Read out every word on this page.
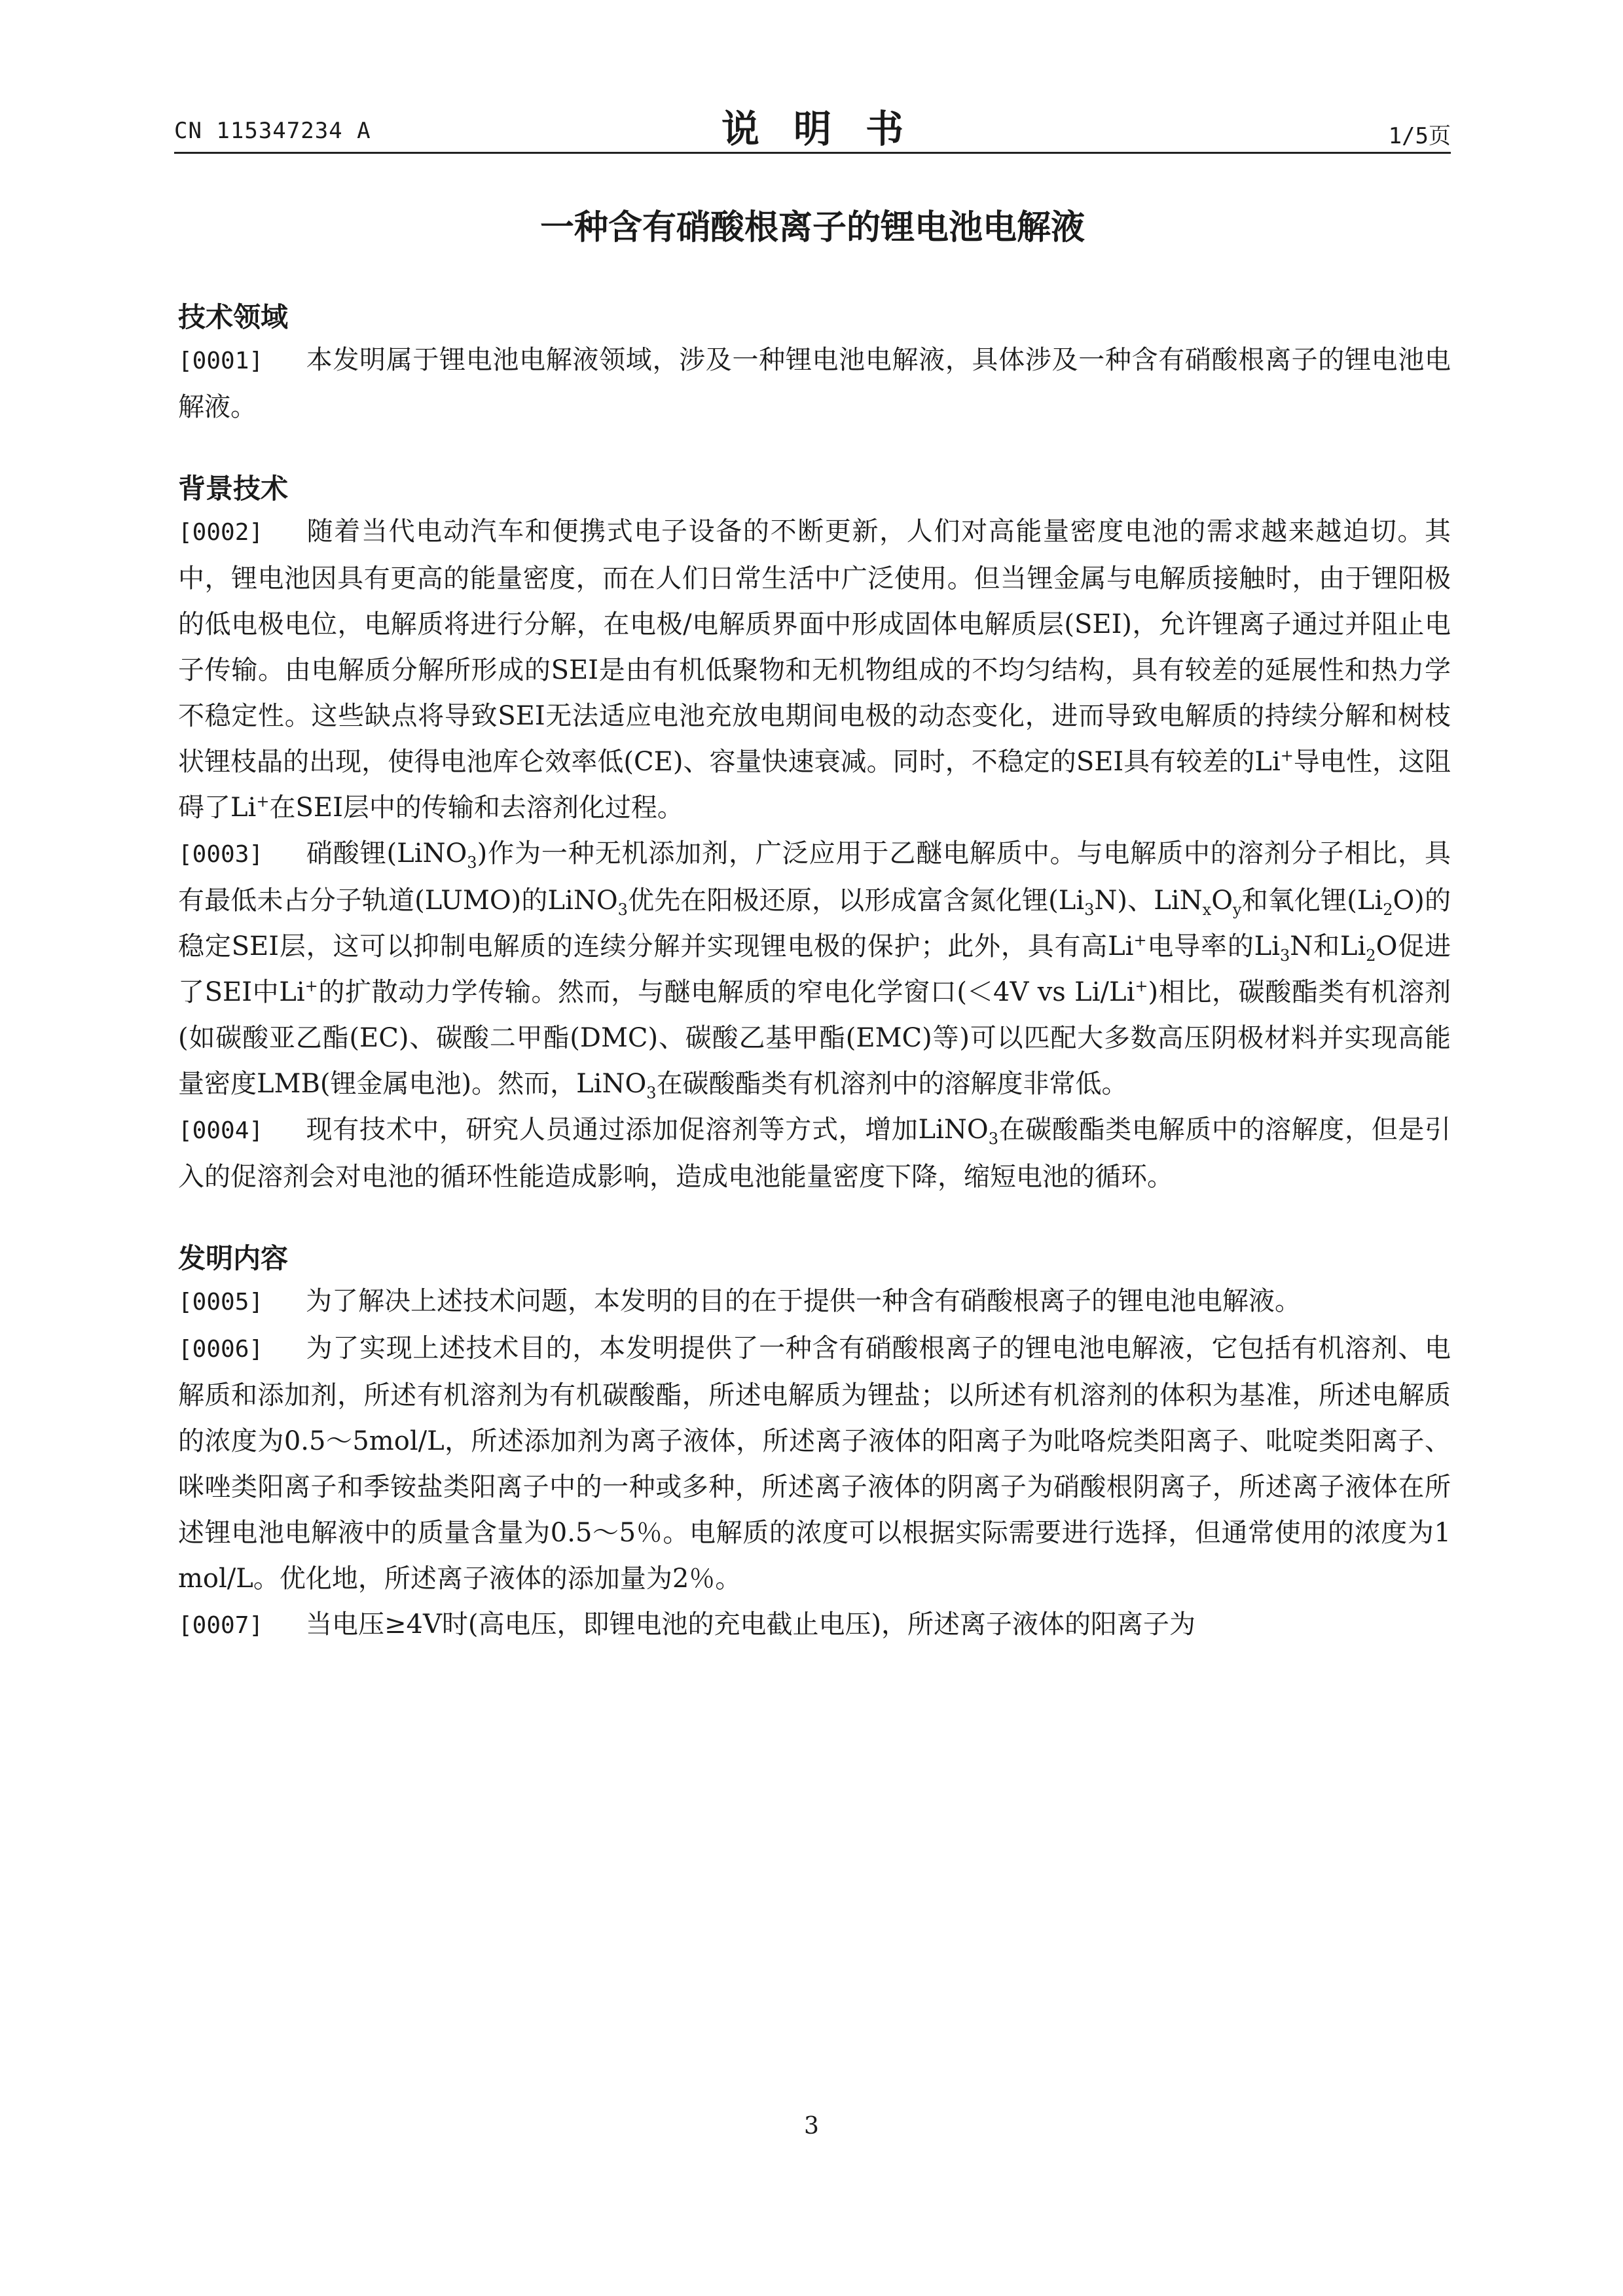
CN 115347234 A	说明书	1/5页
一种含有硝酸根离子的锂电池电解液
技术领域

[0001] 本发明属于锂电池电解液领域，涉及一种锂电池电解液，具体涉及一种含有硝酸根离子的锂电池电解液。

背景技术

[0002] 随着当代电动汽车和便携式电子设备的不断更新，人们对高能量密度电池的需求越来越迫切。其中，锂电池因具有更高的能量密度，而在人们日常生活中广泛使用。但当锂金属与电解质接触时，由于锂阳极的低电极电位，电解质将进行分解，在电极/电解质界面中形成固体电解质层(SEI)，允许锂离子通过并阻止电子传输。由电解质分解所形成的SEI是由有机低聚物和无机物组成的不均匀结构，具有较差的延展性和热力学不稳定性。这些缺点将导致SEI无法适应电池充放电期间电极的动态变化，进而导致电解质的持续分解和树枝状锂枝晶的出现，使得电池库仑效率低(CE)、容量快速衰减。同时，不稳定的SEI具有较差的Li+导电性，这阻碍了Li+在SEI层中的传输和去溶剂化过程。

[0003] 硝酸锂(LiNO$_3$)作为一种无机添加剂，广泛应用于乙醚电解质中。与电解质中的溶剂分子相比，具有最低未占分子轨道(LUMO)的LiNO$_3$优先在阳极还原，以形成富含氮化锂$(Li_3N)$、$LiN_xO_y$和氧化锂$(Li_2O)$的稳定SEI层，这可以抑制电解质的连续分解并实现锂电极的保护；此外，具有高Li+电导率的$Li_3N$和$Li_2O$促进了SEI中Li+的扩散动力学传输。然而，与醚电解质的窄电化学窗口(＜4V vs Li/Li+)相比，碳酸酯类有机溶剂(如碳酸亚乙酯(EC)、碳酸二甲酯(DMC)、碳酸乙基甲酯(EMC)等)可以匹配大多数高压阴极材料并实现高能量密度LMB(锂金属电池)。然而，LiNO$_3$在碳酸酯类有机溶剂中的溶解度非常低。

[0004] 现有技术中，研究人员通过添加促溶剂等方式，增加LiNO$_3$在碳酸酯类电解质中的溶解度，但是引入的促溶剂会对电池的循环性能造成影响，造成电池能量密度下降，缩短电池的循环。

发明内容

[0005] 为了解决上述技术问题，本发明的目的在于提供一种含有硝酸根离子的锂电池电解液。

[0006] 为了实现上述技术目的，本发明提供了一种含有硝酸根离子的锂电池电解液，它包括有机溶剂、电解质和添加剂，所述有机溶剂为有机碳酸酯，所述电解质为锂盐；以所述有机溶剂的体积为基准，所述电解质的浓度为0.5～5mol/L，所述添加剂为离子液体，所述离子液体的阳离子为吡咯烷类阳离子、吡啶类阳离子、咪唑类阳离子和季铵盐类阳离子中的一种或多种，所述离子液体的阴离子为硝酸根阴离子，所述离子液体在所述锂电池电解液中的质量含量为0.5～5％。电解质的浓度可以根据实际需要进行选择，但通常使用的浓度为1mol/L。优化地，所述离子液体的添加量为2％。

[0007] 当电压≥4V时(高电压，即锂电池的充电截止电压)，所述离子液体的阳离子为

3
